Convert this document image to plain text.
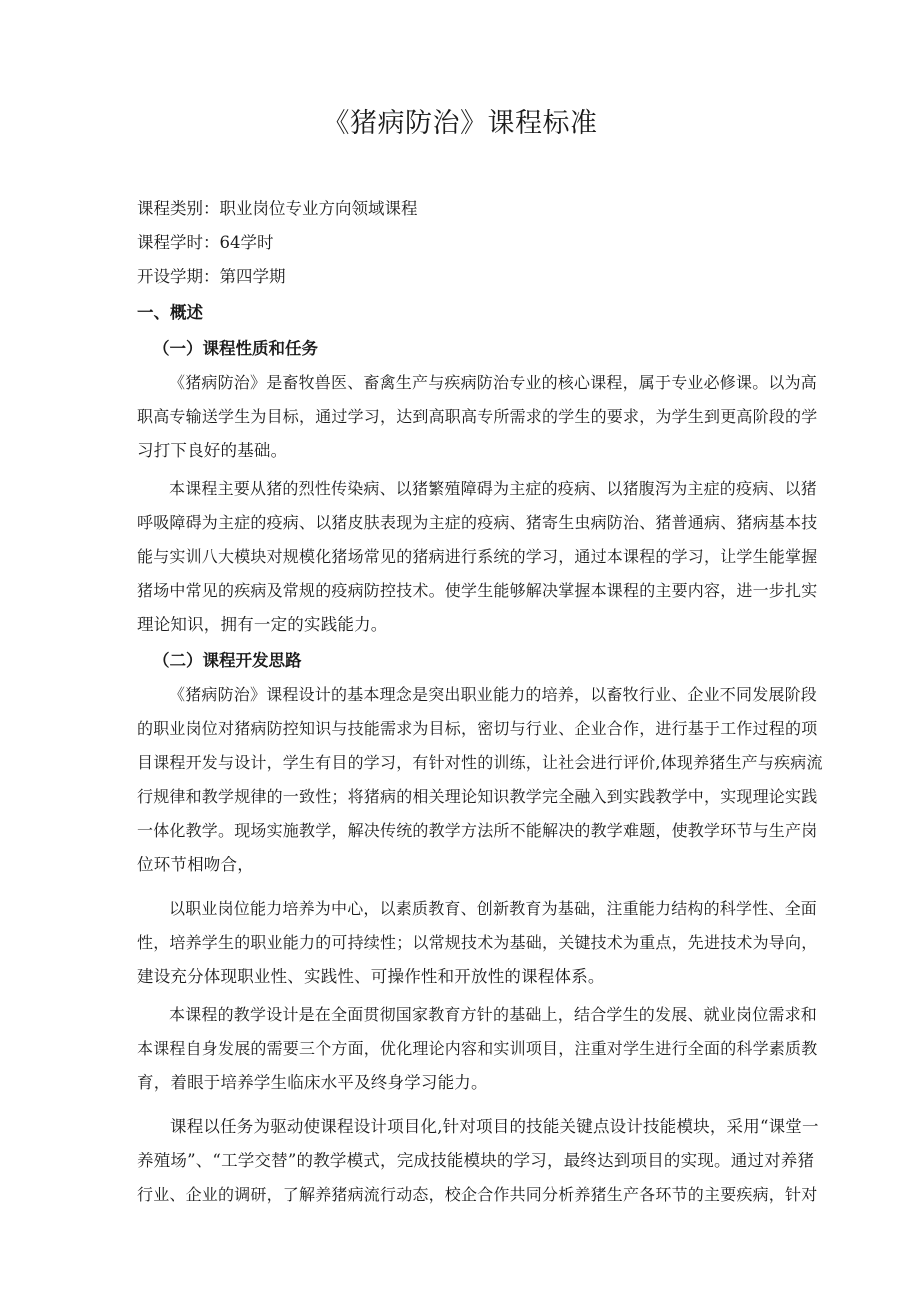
《猪病防治》课程标准

课程类别：职业岗位专业方向领域课程

课程学时：64学时

开设学期：第四学期

一、概述

（一）课程性质和任务

《猪病防治》是畜牧兽医、畜禽生产与疾病防治专业的核心课程，属于专业必修课。以为高
职高专输送学生为目标，通过学习，达到高职高专所需求的学生的要求，为学生到更高阶段的学
习打下良好的基础。
本课程主要从猪的烈性传染病、以猪繁殖障碍为主症的疫病、以猪腹泻为主症的疫病、以猪
呼吸障碍为主症的疫病、以猪皮肤表现为主症的疫病、猪寄生虫病防治、猪普通病、猪病基本技
能与实训八大模块对规模化猪场常见的猪病进行系统的学习，通过本课程的学习，让学生能掌握
猪场中常见的疾病及常规的疫病防控技术。使学生能够解决掌握本课程的主要内容，进一步扎实
理论知识，拥有一定的实践能力。

（二）课程开发思路

《猪病防治》课程设计的基本理念是突出职业能力的培养，以畜牧行业、企业不同发展阶段
的职业岗位对猪病防控知识与技能需求为目标，密切与行业、企业合作，进行基于工作过程的项
目课程开发与设计，学生有目的学习，有针对性的训练，让社会进行评价,体现养猪生产与疾病流
行规律和教学规律的一致性；将猪病的相关理论知识教学完全融入到实践教学中，实现理论实践
一体化教学。现场实施教学，解决传统的教学方法所不能解决的教学难题，使教学环节与生产岗
位环节相吻合，
以职业岗位能力培养为中心，以素质教育、创新教育为基础，注重能力结构的科学性、全面
性，培养学生的职业能力的可持续性；以常规技术为基础，关键技术为重点，先进技术为导向，
建设充分体现职业性、实践性、可操作性和开放性的课程体系。
本课程的教学设计是在全面贯彻国家教育方针的基础上，结合学生的发展、就业岗位需求和
本课程自身发展的需要三个方面，优化理论内容和实训项目，注重对学生进行全面的科学素质教
育，着眼于培养学生临床水平及终身学习能力。
课程以任务为驱动使课程设计项目化,针对项目的技能关键点设计技能模块，采用“课堂一
养殖场”、“工学交替”的教学模式，完成技能模块的学习，最终达到项目的实现。通过对养猪
行业、企业的调研，了解养猪病流行动态，校企合作共同分析养猪生产各环节的主要疾病，针对
